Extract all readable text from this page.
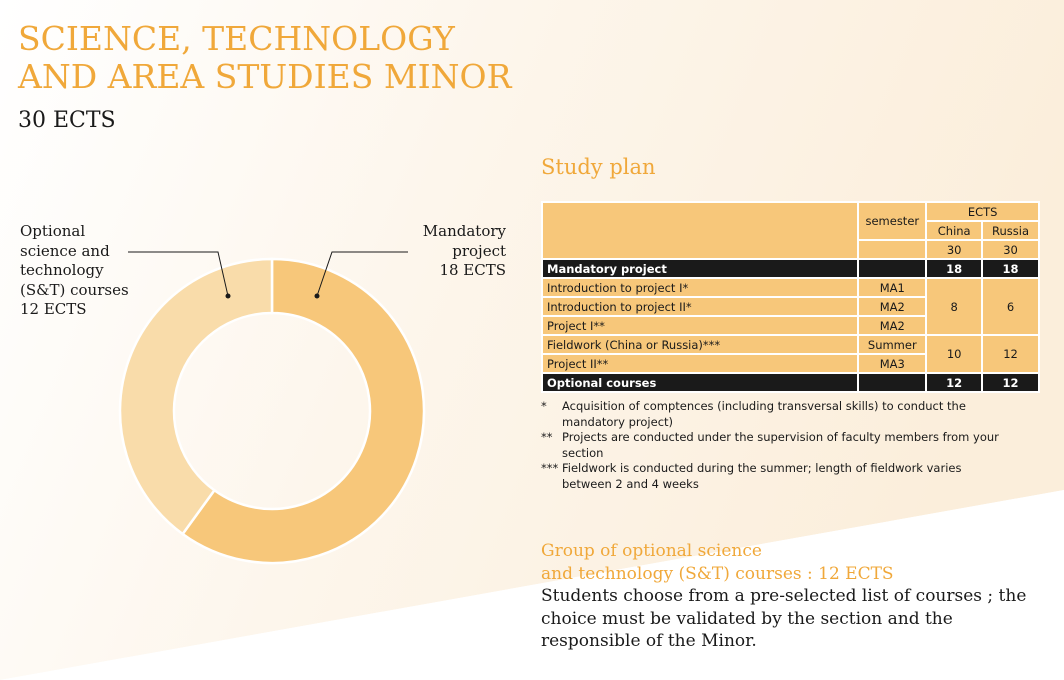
SCIENCE, TECHNOLOGY
AND AREA STUDIES MINOR
30 ECTS
Optional
science and
technology
(S&T) courses
12 ECTS
Mandatory
project
18 ECTS
Study plan
	semester	ECTS	
		China	Russia
		30	30
Mandatory project		18	18
Introduction to project I*	MA1	8	6
Introduction to project II*	MA2		
Project I**	MA2		
Fieldwork (China or Russia)***	Summer	10	12
Project II**	MA3		
Optional courses		12	12
*	Acquisition of comptences (including transversal skills) to conduct the mandatory project)
** Projects are conducted under the supervision of faculty members from your section
*** Fieldwork is conducted during the summer; length of fieldwork varies between 2 and 4 weeks
Group of optional science
and technology (S&T) courses : 12 ECTS
Students choose from a pre-selected list of courses ; the choice must be validated by the section and the responsible of the Minor.
